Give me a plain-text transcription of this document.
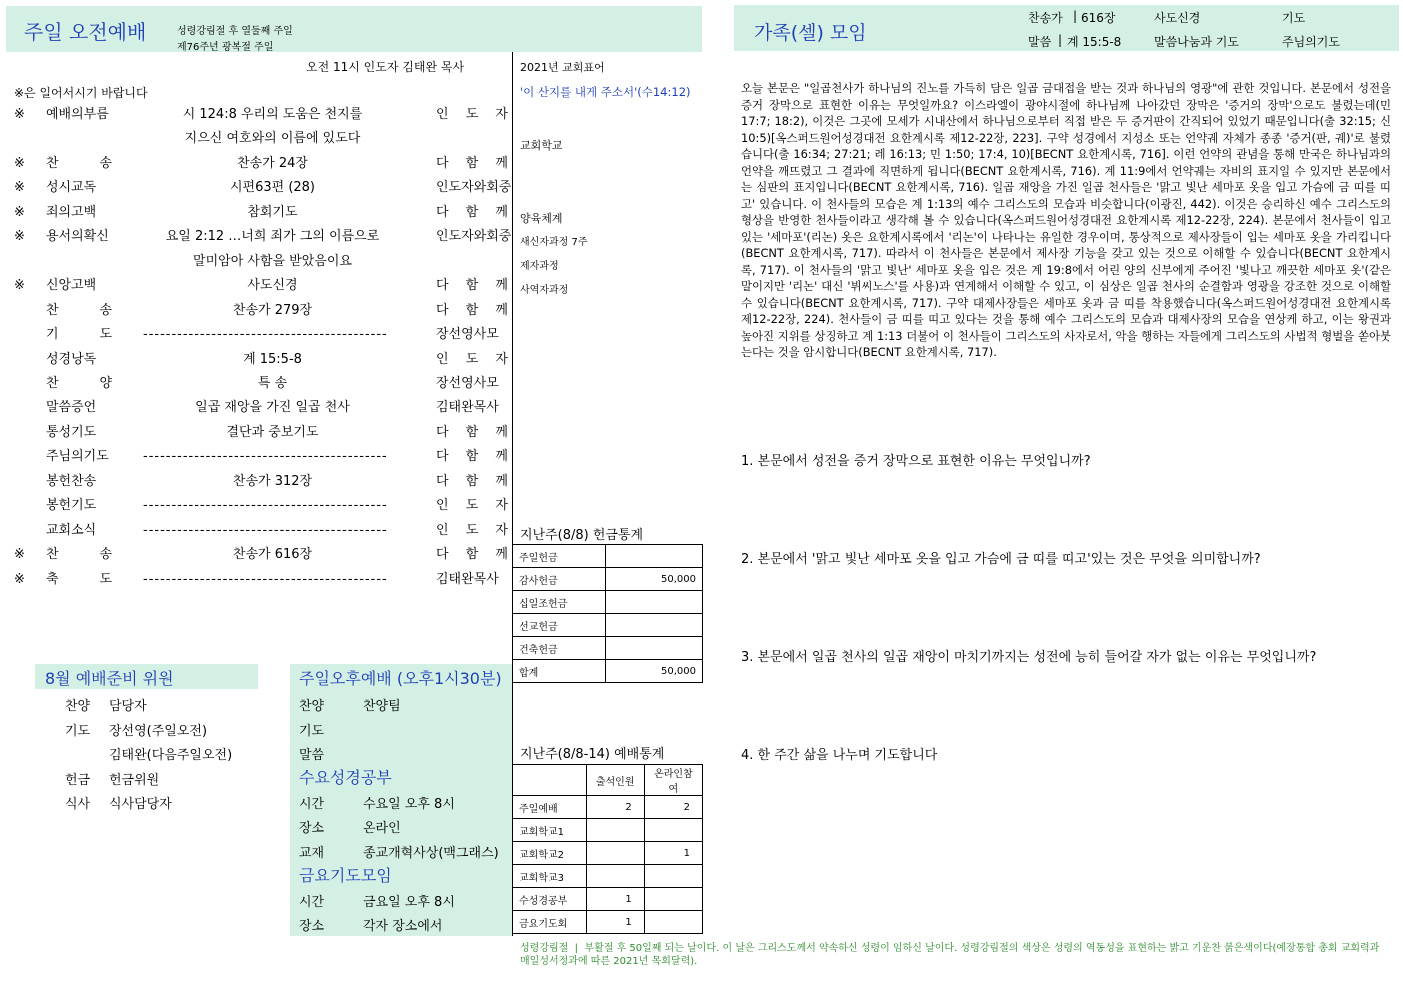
주일 오전예배	성령강림절 후 열둘째 주일
제76주년 광복절 주일
가족(셀) 모임
찬송가 | 616장	사도신경	기도
말씀 | 계 15:5-8	말씀나눔과 기도	주님의기도
오전 11시 인도자 김태완 목사
※은 일어서시기 바랍니다
※ 예배의부름	시 124:8 우리의 도움은 천지를	인 도 자
지으신 여호와의 이름에 있도다
※ 찬 송	찬송가 24장	다 함 께
※ 성시교독	시편63편 (28)	인도자와회중
※ 죄의고백	참회기도	다 함 께
※ 용서의확신	요일 2:12 …너희 죄가 그의 이름으로	인도자와회중
말미암아 사함을 받았음이요
※ 신앙고백	사도신경	다 함 께
찬 송	찬송가 279장	다 함 께
기 도 -------------------------------------------	장선영사모
성경낭독	계 15:5-8	인 도 자
찬 양	특 송	장선영사모
말씀증언	일곱 재앙을 가진 일곱 천사	김태완목사
통성기도	결단과 중보기도	다 함 께
주님의기도	-------------------------------------------	다 함 께
봉헌찬송	찬송가 312장	다 함 께
봉헌기도	-------------------------------------------	인 도 자
교회소식	-------------------------------------------	인 도 자
※ 찬 송	찬송가 616장	다 함 께
※ 축 도 -------------------------------------------	김태완목사
2021년 교회표어
'이 산지를 내게 주소서'(수14:12)
교회학교
양육체계
새신자과정 7주
제자과정
사역자과정
지난주(8/8) 헌금통계
주일헌금	
감사헌금	50,000
십일조헌금	
선교헌금	
건축헌금	
합계	50,000
지난주(8/8-14) 예배통계
	출석인원	온라인참여
주일예배	2	2
교회학교1		
교회학교2		1
교회학교3		
수성경공부	1	
금요기도회	1	
8월 예배준비 위원
찬양 담당자
기도 장선영(주일오전)
김태완(다음주일오전)
헌금 헌금위원
식사 식사담당자
주일오후예배 (오후1시30분)
수요성경공부
금요기도모임
찬양	찬양팀
기도
말씀
시간	수요일 오후 8시
장소	온라인
교재	종교개혁사상(맥그래스)
시간	금요일 오후 8시
장소	각자 장소에서
오늘 본문은 "일곱천사가 하나님의 진노를 가득히 담은 일곱 금대접을 받는 것과 하나님의 영광"에 관한 것입니다. 본문에서 성전을 증거 장막으로 표현한 이유는 무엇일까요? 이스라엘이 광야시절에 하나님께 나아갔던 장막은 '증거의 장막'으로도 불렸는데(민 17:7; 18:2), 이것은 그곳에 모세가 시내산에서 하나님으로부터 직접 받은 두 증거판이 간직되어 있었기 때문입니다(출 32:15; 신 10:5)[옥스퍼드원어성경대전 요한계시록 제12-22장, 223]. 구약 성경에서 지성소 또는 언약궤 자체가 종종 '증거(판, 궤)'로 불렸습니다(출 16:34; 27:21; 레 16:13; 민 1:50; 17:4, 10)[BECNT 요한계시록, 716]. 이런 언약의 관념을 통해 만국은 하나님과의 언약을 깨뜨렸고 그 결과에 직면하게 됩니다(BECNT 요한계시록, 716). 계 11:9에서 언약궤는 자비의 표지일 수 있지만 본문에서는 심판의 표지입니다(BECNT 요한계시록, 716). 일곱 재앙을 가진 일곱 천사들은 '맑고 빛난 세마포 옷을 입고 가슴에 금 띠를 띠고' 있습니다. 이 천사들의 모습은 계 1:13의 예수 그리스도의 모습과 비슷합니다(이광진, 442). 이것은 승리하신 예수 그리스도의 형상을 반영한 천사들이라고 생각해 볼 수 있습니다(옥스퍼드원어성경대전 요한계시록 제12-22장, 224). 본문에서 천사들이 입고 있는 '세마포'(리논) 옷은 요한계시록에서 '리논'이 나타나는 유일한 경우이며, 통상적으로 제사장들이 입는 세마포 옷을 가리킵니다(BECNT 요한계시록, 717). 따라서 이 천사들은 본문에서 제사장 기능을 갖고 있는 것으로 이해할 수 있습니다(BECNT 요한계시록, 717). 이 천사들의 '맑고 빛난' 세마포 옷을 입은 것은 계 19:8에서 어린 양의 신부에게 주어진 '빛나고 깨끗한 세마포 옷'(같은 말이지만 '리논' 대신 '뷔씨노스'를 사용)과 연계해서 이해할 수 있고, 이 심상은 일곱 천사의 순결함과 영광을 강조한 것으로 이해할 수 있습니다(BECNT 요한계시록, 717). 구약 대제사장들은 세마포 옷과 금 띠를 착용했습니다(옥스퍼드원어성경대전 요한계시록 제12-22장, 224). 천사들이 금 띠를 띠고 있다는 것을 통해 예수 그리스도의 모습과 대제사장의 모습을 연상케 하고, 이는 왕권과 높아진 지위를 상징하고 계 1:13 더불어 이 천사들이 그리스도의 사자로서, 악을 행하는 자들에게 그리스도의 사법적 형벌을 쏟아붓는다는 것을 암시합니다(BECNT 요한계시록, 717).
1. 본문에서 성전을 증거 장막으로 표현한 이유는 무엇입니까?
2. 본문에서 '맑고 빛난 세마포 옷을 입고 가슴에 금 띠를 띠고'있는 것은 무엇을 의미합니까?
3. 본문에서 일곱 천사의 일곱 재앙이 마치기까지는 성전에 능히 들어갈 자가 없는 이유는 무엇입니까?
4. 한 주간 삶을 나누며 기도합니다
성령강림절  |  부활절 후 50일째 되는 날이다. 이 날은 그리스도께서 약속하신 성령이 임하신 날이다. 성령강림절의 색상은 성령의 역동성을 표현하는 밝고 기운찬 붉은색이다(예장통합 총회 교회력과 매일성서정과에 따른 2021년 목회달력).
